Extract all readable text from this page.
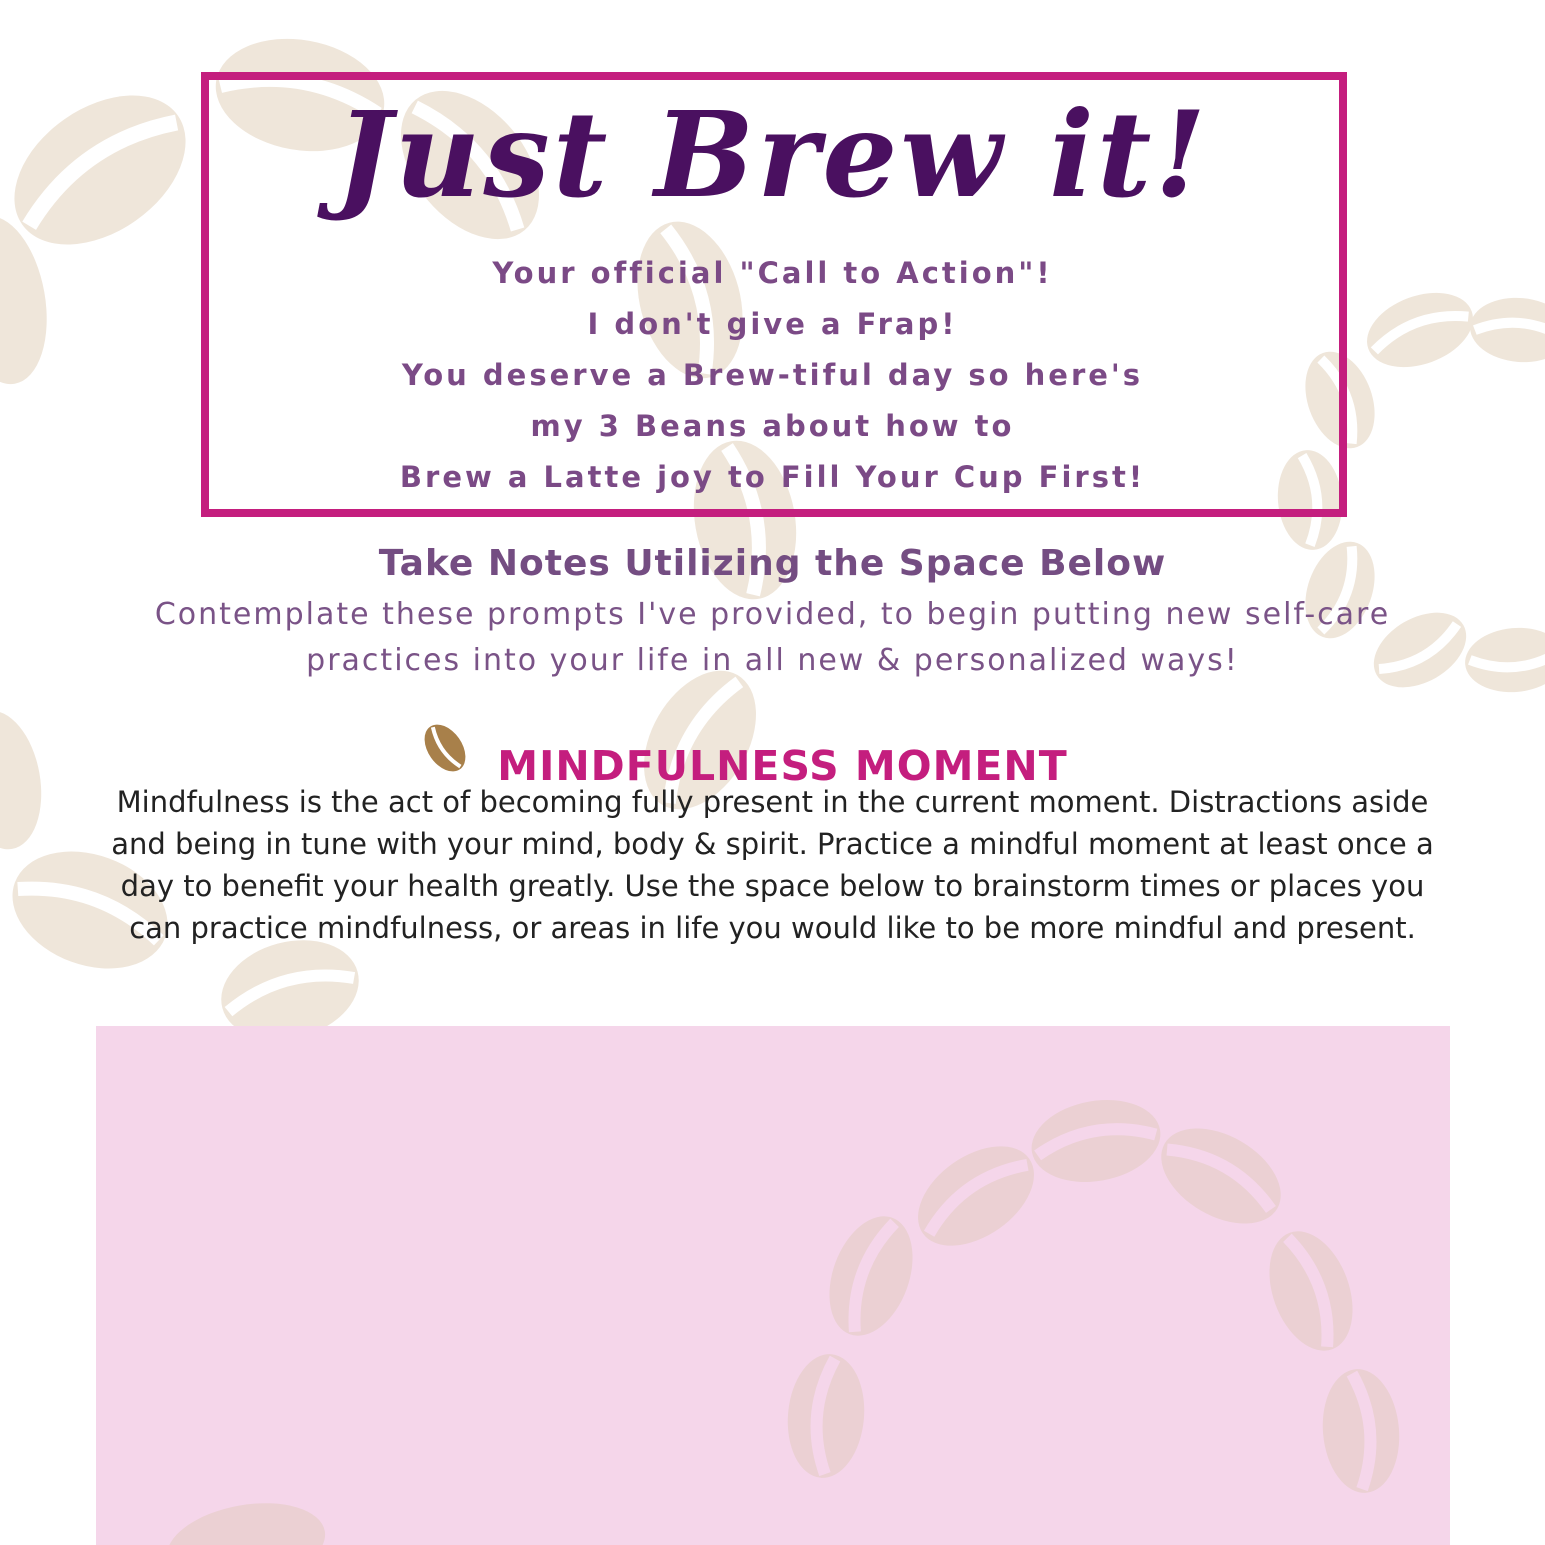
Just Brew it!
Your official "Call to Action"!
I don't give a Frap!
You deserve a Brew-tiful day so here's
my 3 Beans about how to
Brew a Latte joy to Fill Your Cup First!
Take Notes Utilizing the Space Below

Contemplate these prompts I've provided, to begin putting new self-care practices into your life in all new & personalized ways!

MINDFULNESS MOMENT

Mindfulness is the act of becoming fully present in the current moment. Distractions aside and being in tune with your mind, body & spirit. Practice a mindful moment at least once a day to benefit your health greatly. Use the space below to brainstorm times or places you can practice mindfulness, or areas in life you would like to be more mindful and present.
